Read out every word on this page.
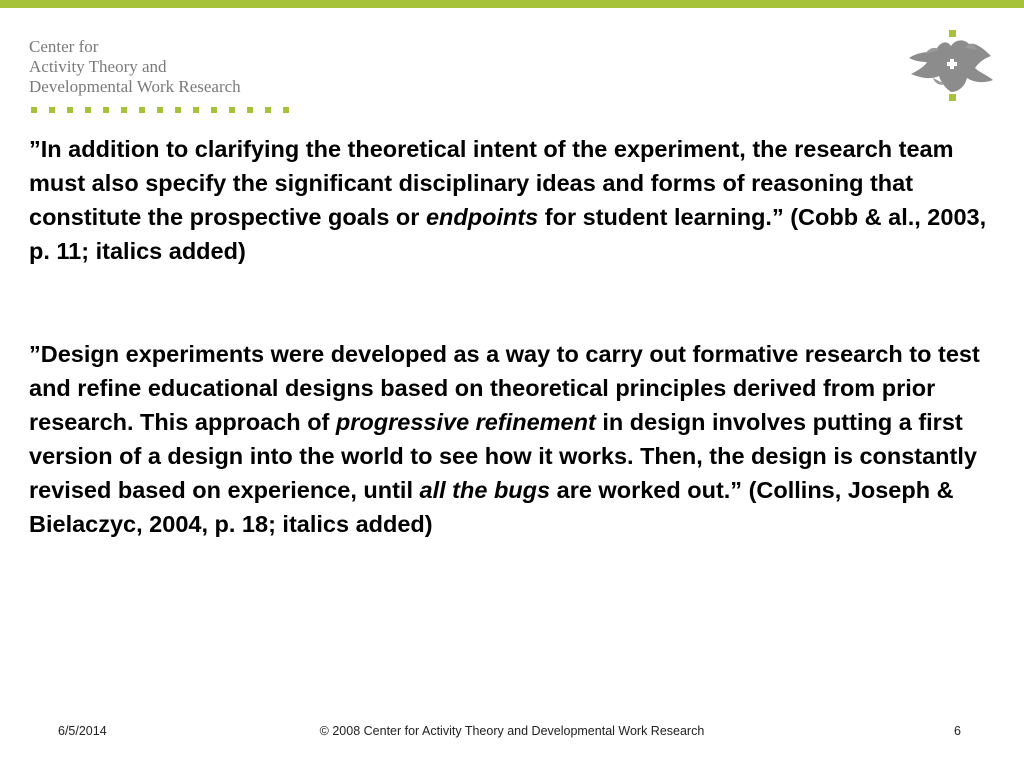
Center for
Activity Theory and
Developmental Work Research

”In addition to clarifying the theoretical intent of the experiment, the research team must also specify the significant disciplinary ideas and forms of reasoning that constitute the prospective goals or endpoints for student learning.” (Cobb & al., 2003, p. 11; italics added)

”Design experiments were developed as a way to carry out formative research to test and refine educational designs based on theoretical principles derived from prior research. This approach of progressive refinement in design involves putting a first version of a design into the world to see how it works. Then, the design is constantly revised based on experience, until all the bugs are worked out.” (Collins, Joseph & Bielaczyc, 2004, p. 18; italics added)

6/5/2014	© 2008 Center for Activity Theory and Developmental Work Research	6
